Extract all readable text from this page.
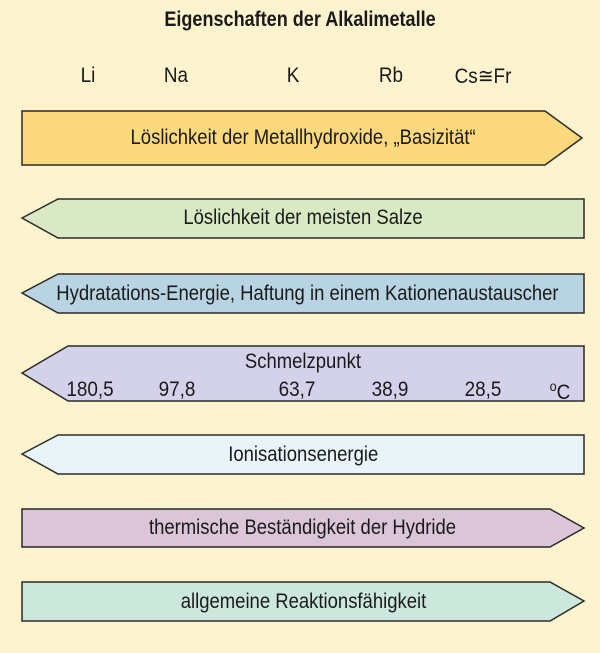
Eigenschaften der Alkalimetalle
Li	Na	K	Rb Cs≅Fr
Löslichkeit der Metallhydroxide, „Basizität“
Löslichkeit der meisten Salze
Hydratations-Energie, Haftung in einem Kationenaustauscher
Schmelzpunkt
Ionisationsenergie
thermische Beständigkeit der Hydride
allgemeine Reaktionsfähigkeit
180,5 97,8	63,7	38,9	28,5	$^o$C
